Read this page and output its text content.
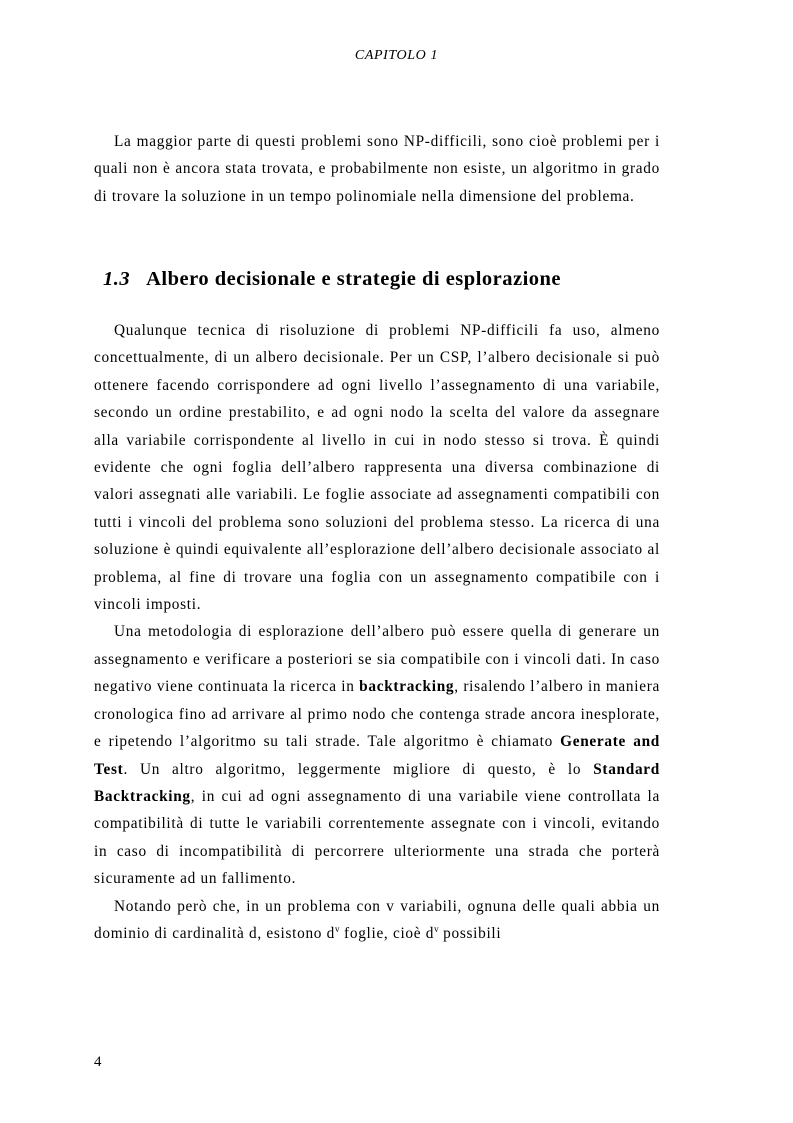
CAPITOLO 1

La maggior parte di questi problemi sono NP-difficili, sono cioè problemi per i quali non è ancora stata trovata, e probabilmente non esiste, un algoritmo in grado di trovare la soluzione in un tempo polinomiale nella dimensione del problema.

1.3 Albero decisionale e strategie di esplorazione

Qualunque tecnica di risoluzione di problemi NP-difficili fa uso, almeno concettualmente, di un albero decisionale. Per un CSP, l’albero decisionale si può ottenere facendo corrispondere ad ogni livello l’assegnamento di una variabile, secondo un ordine prestabilito, e ad ogni nodo la scelta del valore da assegnare alla variabile corrispondente al livello in cui in nodo stesso si trova. È quindi evidente che ogni foglia dell’albero rappresenta una diversa combinazione di valori assegnati alle variabili. Le foglie associate ad assegnamenti compatibili con tutti i vincoli del problema sono soluzioni del problema stesso. La ricerca di una soluzione è quindi equivalente all’esplorazione dell’albero decisionale associato al problema, al fine di trovare una foglia con un assegnamento compatibile con i vincoli imposti.

Una metodologia di esplorazione dell’albero può essere quella di generare un assegnamento e verificare a posteriori se sia compatibile con i vincoli dati. In caso negativo viene continuata la ricerca in backtracking, risalendo l’albero in maniera cronologica fino ad arrivare al primo nodo che contenga strade ancora inesplorate, e ripetendo l’algoritmo su tali strade. Tale algoritmo è chiamato Generate and Test. Un altro algoritmo, leggermente migliore di questo, è lo Standard Backtracking, in cui ad ogni assegnamento di una variabile viene controllata la compatibilità di tutte le variabili correntemente assegnate con i vincoli, evitando in caso di incompatibilità di percorrere ulteriormente una strada che porterà sicuramente ad un fallimento.

Notando però che, in un problema con v variabili, ognuna delle quali abbia un dominio di cardinalità d, esistono $d^v$ foglie, cioè $d^v$ possibili

4
